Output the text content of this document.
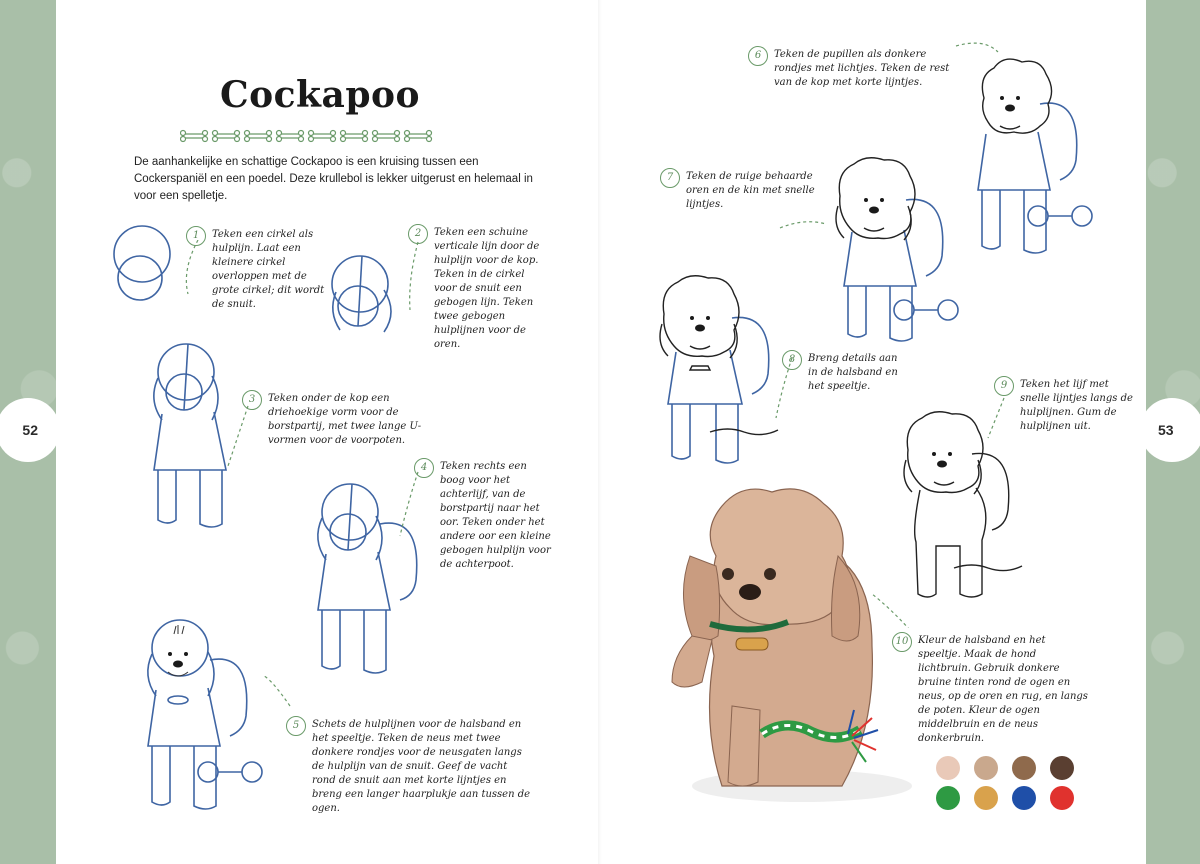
52	53
Cockapoo
De aanhankelijke en schattige Cockapoo is een kruising tussen een Cockerspaniël en een poedel. Deze krullebol is lekker uitgerust en helemaal in voor een spelletje.
1	Teken een cirkel als hulplijn. Laat een kleinere cirkel overloppen met de grote cirkel; dit wordt de snuit.
2	Teken een schuine verticale lijn door de hulplijn voor de kop. Teken in de cirkel voor de snuit een gebogen lijn. Teken twee gebogen hulplijnen voor de oren.
3	Teken onder de kop een driehoekige vorm voor de borstpartij, met twee lange U-vormen voor de voorpoten.
4	Teken rechts een boog voor het achterlijf, van de borstpartij naar het oor. Teken onder het andere oor een kleine gebogen hulplijn voor de achterpoot.
5	Schets de hulplijnen voor de halsband en het speeltje. Teken de neus met twee donkere rondjes voor de neusgaten langs de hulplijn van de snuit. Geef de vacht rond de snuit aan met korte lijntjes en breng een langer haarplukje aan tussen de ogen.
6	Teken de pupillen als donkere rondjes met lichtjes. Teken de rest van de kop met korte lijntjes.
7	Teken de ruige behaarde oren en de kin met snelle lijntjes.
8	Breng details aan in de halsband en het speeltje.	9	Teken het lijf met snelle lijntjes langs de hulplijnen. Gum de hulplijnen uit.
10 Kleur de halsband en het speeltje. Maak de hond lichtbruin. Gebruik donkere bruine tinten rond de ogen en neus, op de oren en rug, en langs de poten. Kleur de ogen middelbruin en de neus donkerbruin.
